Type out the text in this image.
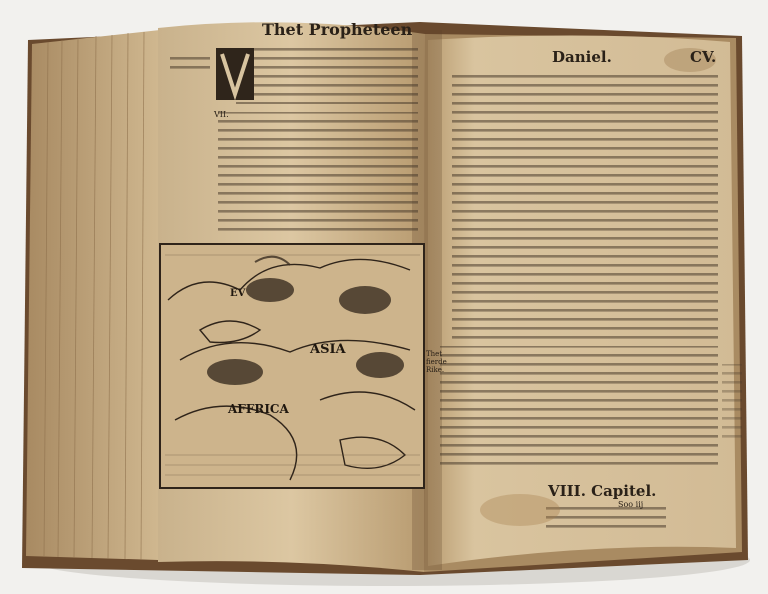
Thet Propheteen
VII.
ASIA
AFFRICA
EV
Daniel.	CV.
Thet fierde Rike.
VIII. Capitel.
Soo iij
